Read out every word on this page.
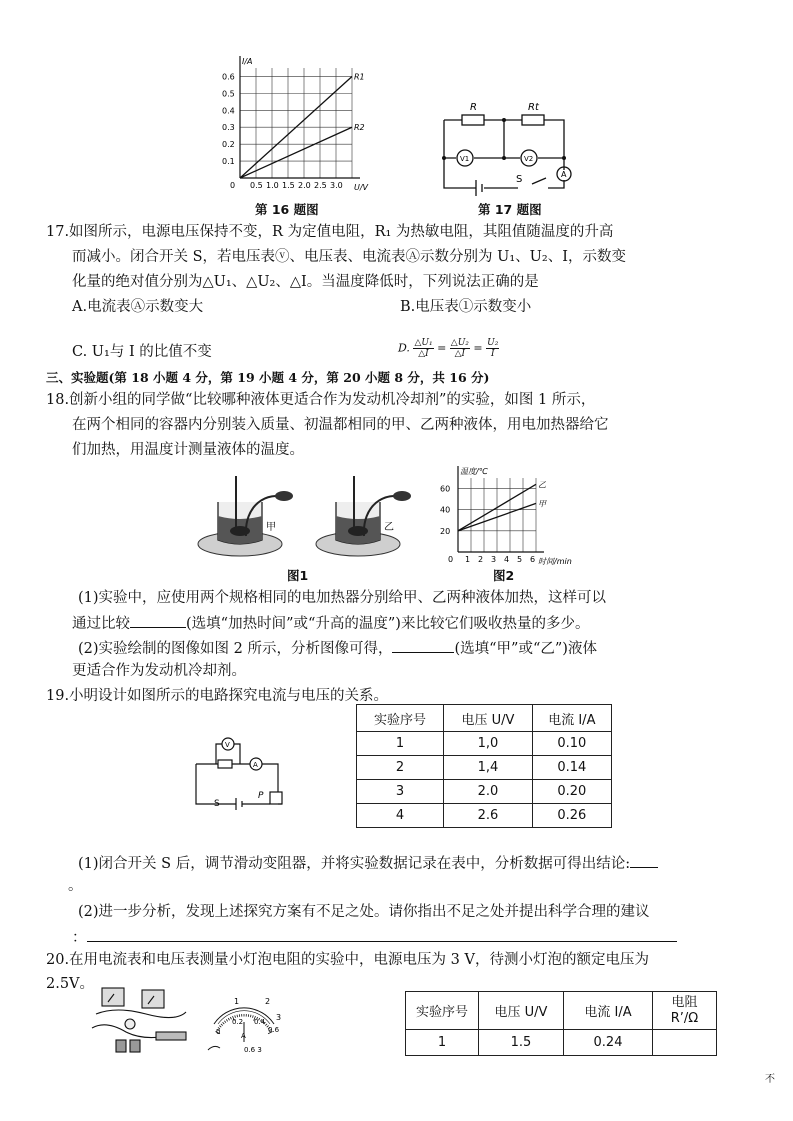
0.5 1.0 1.5 2.0 2.5 3.0
0.1
0.2
0.3
0.4
0.5
0.6
0	U/V
I/A
R1
R2
第 16 题图
R	Rt
V1	V2
A
S
第 17 题图
17.如图所示，电源电压保持不变，R 为定值电阻，R₁ 为热敏电阻，其阻值随温度的升高
而减小。闭合开关 S，若电压表ⓥ、电压表、电流表Ⓐ示数分别为 U₁、U₂、I，示数变
化量的绝对值分别为△U₁、△U₂、△I。当温度降低时，下列说法正确的是
A.电流表Ⓐ示数变大	B.电压表①示数变小
C. U₁与 I 的比值不变	D. $\frac{\text{△U₁}}{\triangle I} = \frac{\text{△U₂}}{\triangle I} = \frac{\text{U₂}}{I}$
三、实验题(第 18 小题 4 分，第 19 小题 4 分，第 20 小题 8 分，共 16 分)
18.创新小组的同学做“比较哪种液体更适合作为发动机冷却剂”的实验，如图 1 所示，
在两个相同的容器内分别装入质量、初温都相同的甲、乙两种液体，用电加热器给它
们加热，用温度计测量液体的温度。
甲	乙
图1
1 2 3 4 5 6
20
40
60
0	时间/min
温度/℃
乙
甲
图2
(1)实验中，应使用两个规格相同的电加热器分别给甲、乙两种液体加热，这样可以
通过比较	(选填“加热时间”或“升高的温度”)来比较它们吸收热量的多少。
(2)实验绘制的图像如图 2 所示，分析图像可得，	(选填“甲”或“乙”)液体
更适合作为发动机冷却剂。
19.小明设计如图所示的电路探究电流与电压的关系。
V
A
S
P
实验序号	电压 U/V	电流 I/A
1	1,0	0.10
2	1,4	0.14
3	2.0	0.20
4	2.6	0.26
(1)闭合开关 S 后，调节滑动变阻器，并将实验数据记录在表中，分析数据可得出结论:
。
(2)进一步分析，发现上述探究方案有不足之处。请你指出不足之处并提出科学合理的建议
：
20.在用电流表和电压表测量小灯泡电阻的实验中，电源电压为 3 V，待测小灯泡的额定电压为
2.5V。
1	2
3
0
0.2 0.4
0.6
A
0.6 3
实验序号	电压 U/V	电流 I/A	电阻
R’/Ω
1	1.5	0.24	
不
